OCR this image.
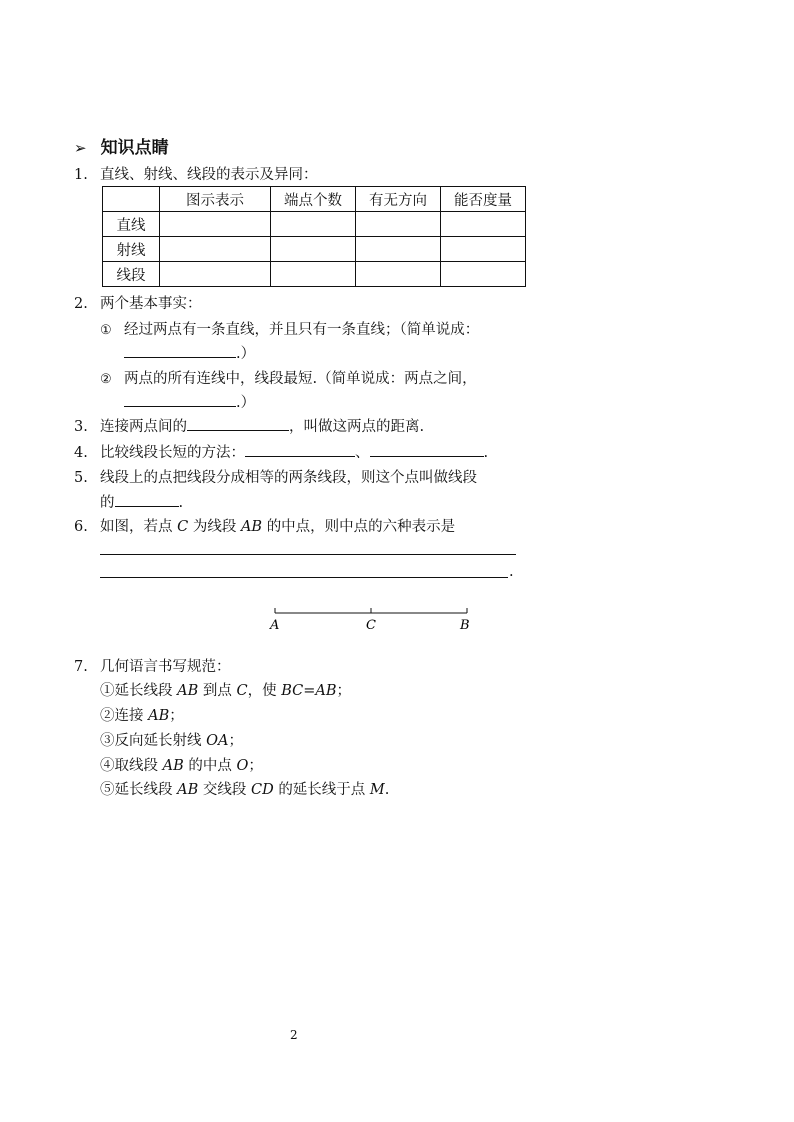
➢ 知识点睛
1. 直线、射线、线段的表示及异同：
	图示表示	端点个数	有无方向	能否度量
直线				
射线				
线段				
2. 两个基本事实：
① 经过两点有一条直线，并且只有一条直线；（简单说成：
.）
② 两点的所有连线中，线段最短.（简单说成：两点之间，
.）
3. 连接两点间的	，叫做这两点的距离.
4. 比较线段长短的方法：	、	.
5. 线段上的点把线段分成相等的两条线段，则这个点叫做线段
的	.
6. 如图，若点 C 为线段 AB 的中点，则中点的六种表示是
.
A	C	B
7. 几何语言书写规范：
①延长线段 AB 到点 C，使 BC=AB；
②连接 AB；
③反向延长射线 OA；
④取线段 AB 的中点 O；
⑤延长线段 AB 交线段 CD 的延长线于点 M.
2
